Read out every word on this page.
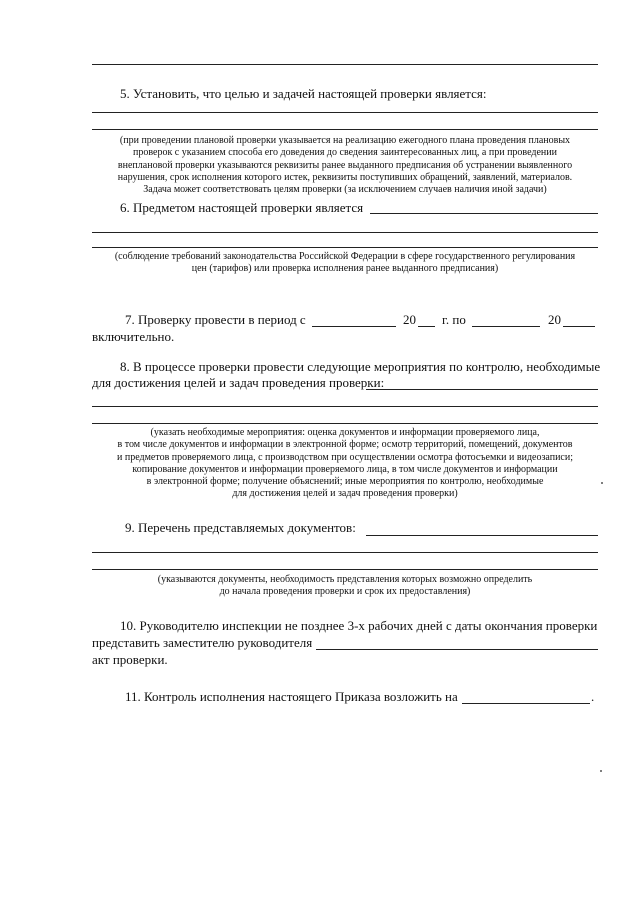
5. Установить, что целью и задачей настоящей проверки является:
(при проведении плановой проверки указывается на реализацию ежегодного плана проведения плановых
проверок с указанием способа его доведения до сведения заинтересованных лиц, а при проведении
внеплановой проверки указываются реквизиты ранее выданного предписания об устранении выявленного
нарушения, срок исполнения которого истек, реквизиты поступивших обращений, заявлений, материалов.
Задача может соответствовать целям проверки (за исключением случаев наличия иной задачи)
6. Предметом настоящей проверки является
(соблюдение требований законодательства Российской Федерации в сфере государственного регулирования
цен (тарифов) или проверка исполнения ранее выданного предписания)
7. Проверку провести в период с	20 г. по	20
включительно.
8. В процессе проверки провести следующие мероприятия по контролю, необходимые
для достижения целей и задач проведения проверки:
(указать необходимые мероприятия: оценка документов и информации проверяемого лица,
в том числе документов и информации в электронной форме; осмотр территорий, помещений, документов
и предметов проверяемого лица, с производством при осуществлении осмотра фотосъемки и видеозаписи;
копирование документов и информации проверяемого лица, в том числе документов и информации
в электронной форме; получение объяснений; иные мероприятия по контролю, необходимые
для достижения целей и задач проведения проверки)
9. Перечень представляемых документов:
(указываются документы, необходимость представления которых возможно определить
до начала проведения проверки и срок их предоставления)
10. Руководителю инспекции не позднее 3-х рабочих дней с даты окончания проверки
представить заместителю руководителя
акт проверки.
11. Контроль исполнения настоящего Приказа возложить на	.
